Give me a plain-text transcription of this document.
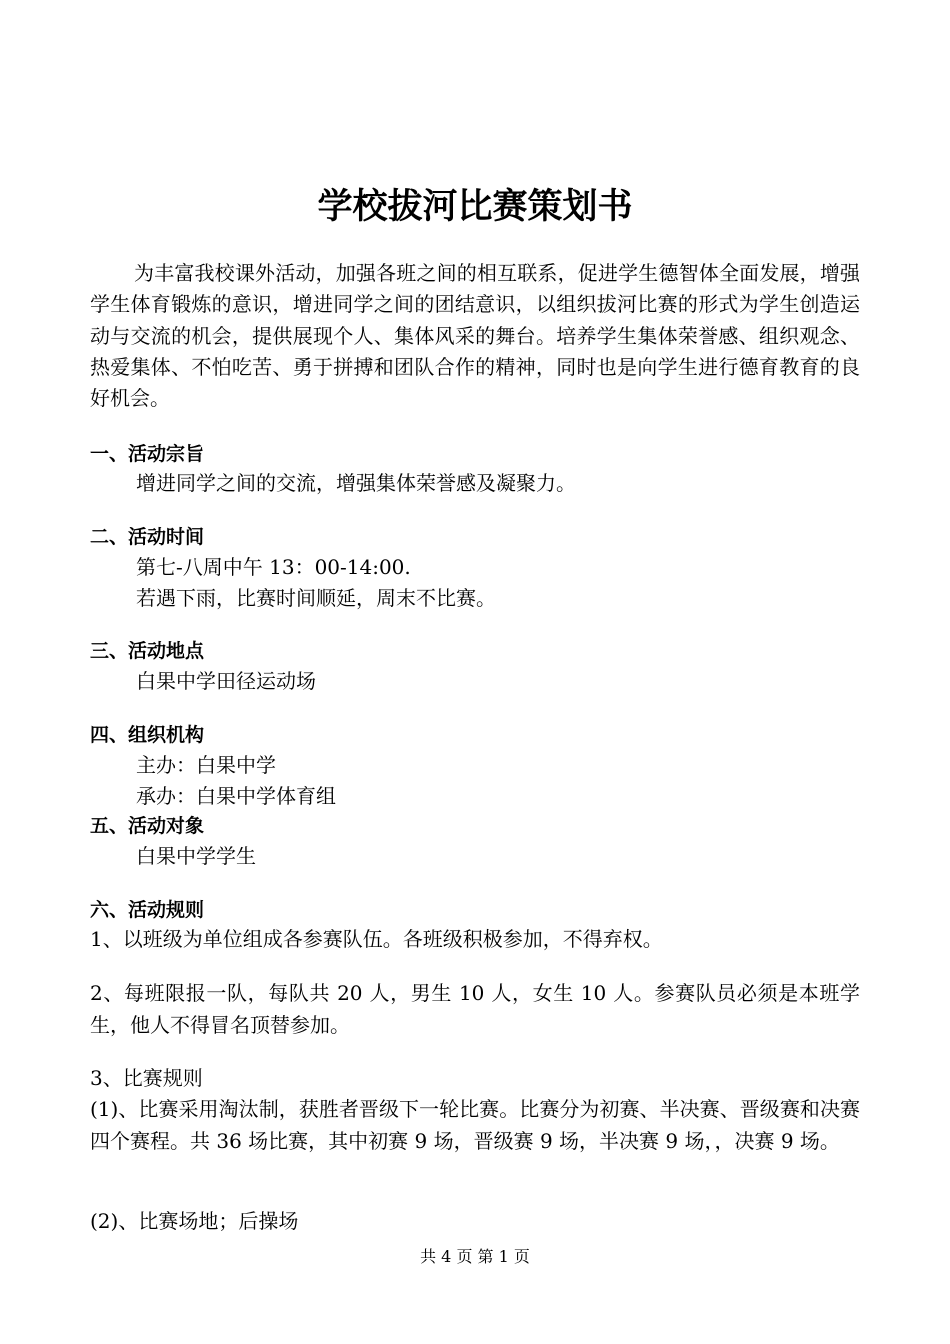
学校拔河比赛策划书

为丰富我校课外活动，加强各班之间的相互联系，促进学生德智体全面发展，增强学生体育锻炼的意识，增进同学之间的团结意识，以组织拔河比赛的形式为学生创造运动与交流的机会，提供展现个人、集体风采的舞台。培养学生集体荣誉感、组织观念、热爱集体、不怕吃苦、勇于拼搏和团队合作的精神，同时也是向学生进行德育教育的良好机会。

一、活动宗旨

增进同学之间的交流，增强集体荣誉感及凝聚力。

二、活动时间

第七-八周中午 13：00-14:00.

若遇下雨，比赛时间顺延，周末不比赛。

三、活动地点

白果中学田径运动场

四、组织机构

主办：白果中学

承办：白果中学体育组

五、活动对象

白果中学学生

六、活动规则

1、以班级为单位组成各参赛队伍。各班级积极参加，不得弃权。

2、每班限报一队，每队共 20 人，男生 10 人，女生 10 人。参赛队员必须是本班学生，他人不得冒名顶替参加。

3、比赛规则

(1)、比赛采用淘汰制，获胜者晋级下一轮比赛。比赛分为初赛、半决赛、晋级赛和决赛四个赛程。共 36 场比赛，其中初赛 9 场，晋级赛 9 场，半决赛 9 场，，决赛 9 场。

(2)、比赛场地；后操场

共 4 页 第 1 页
